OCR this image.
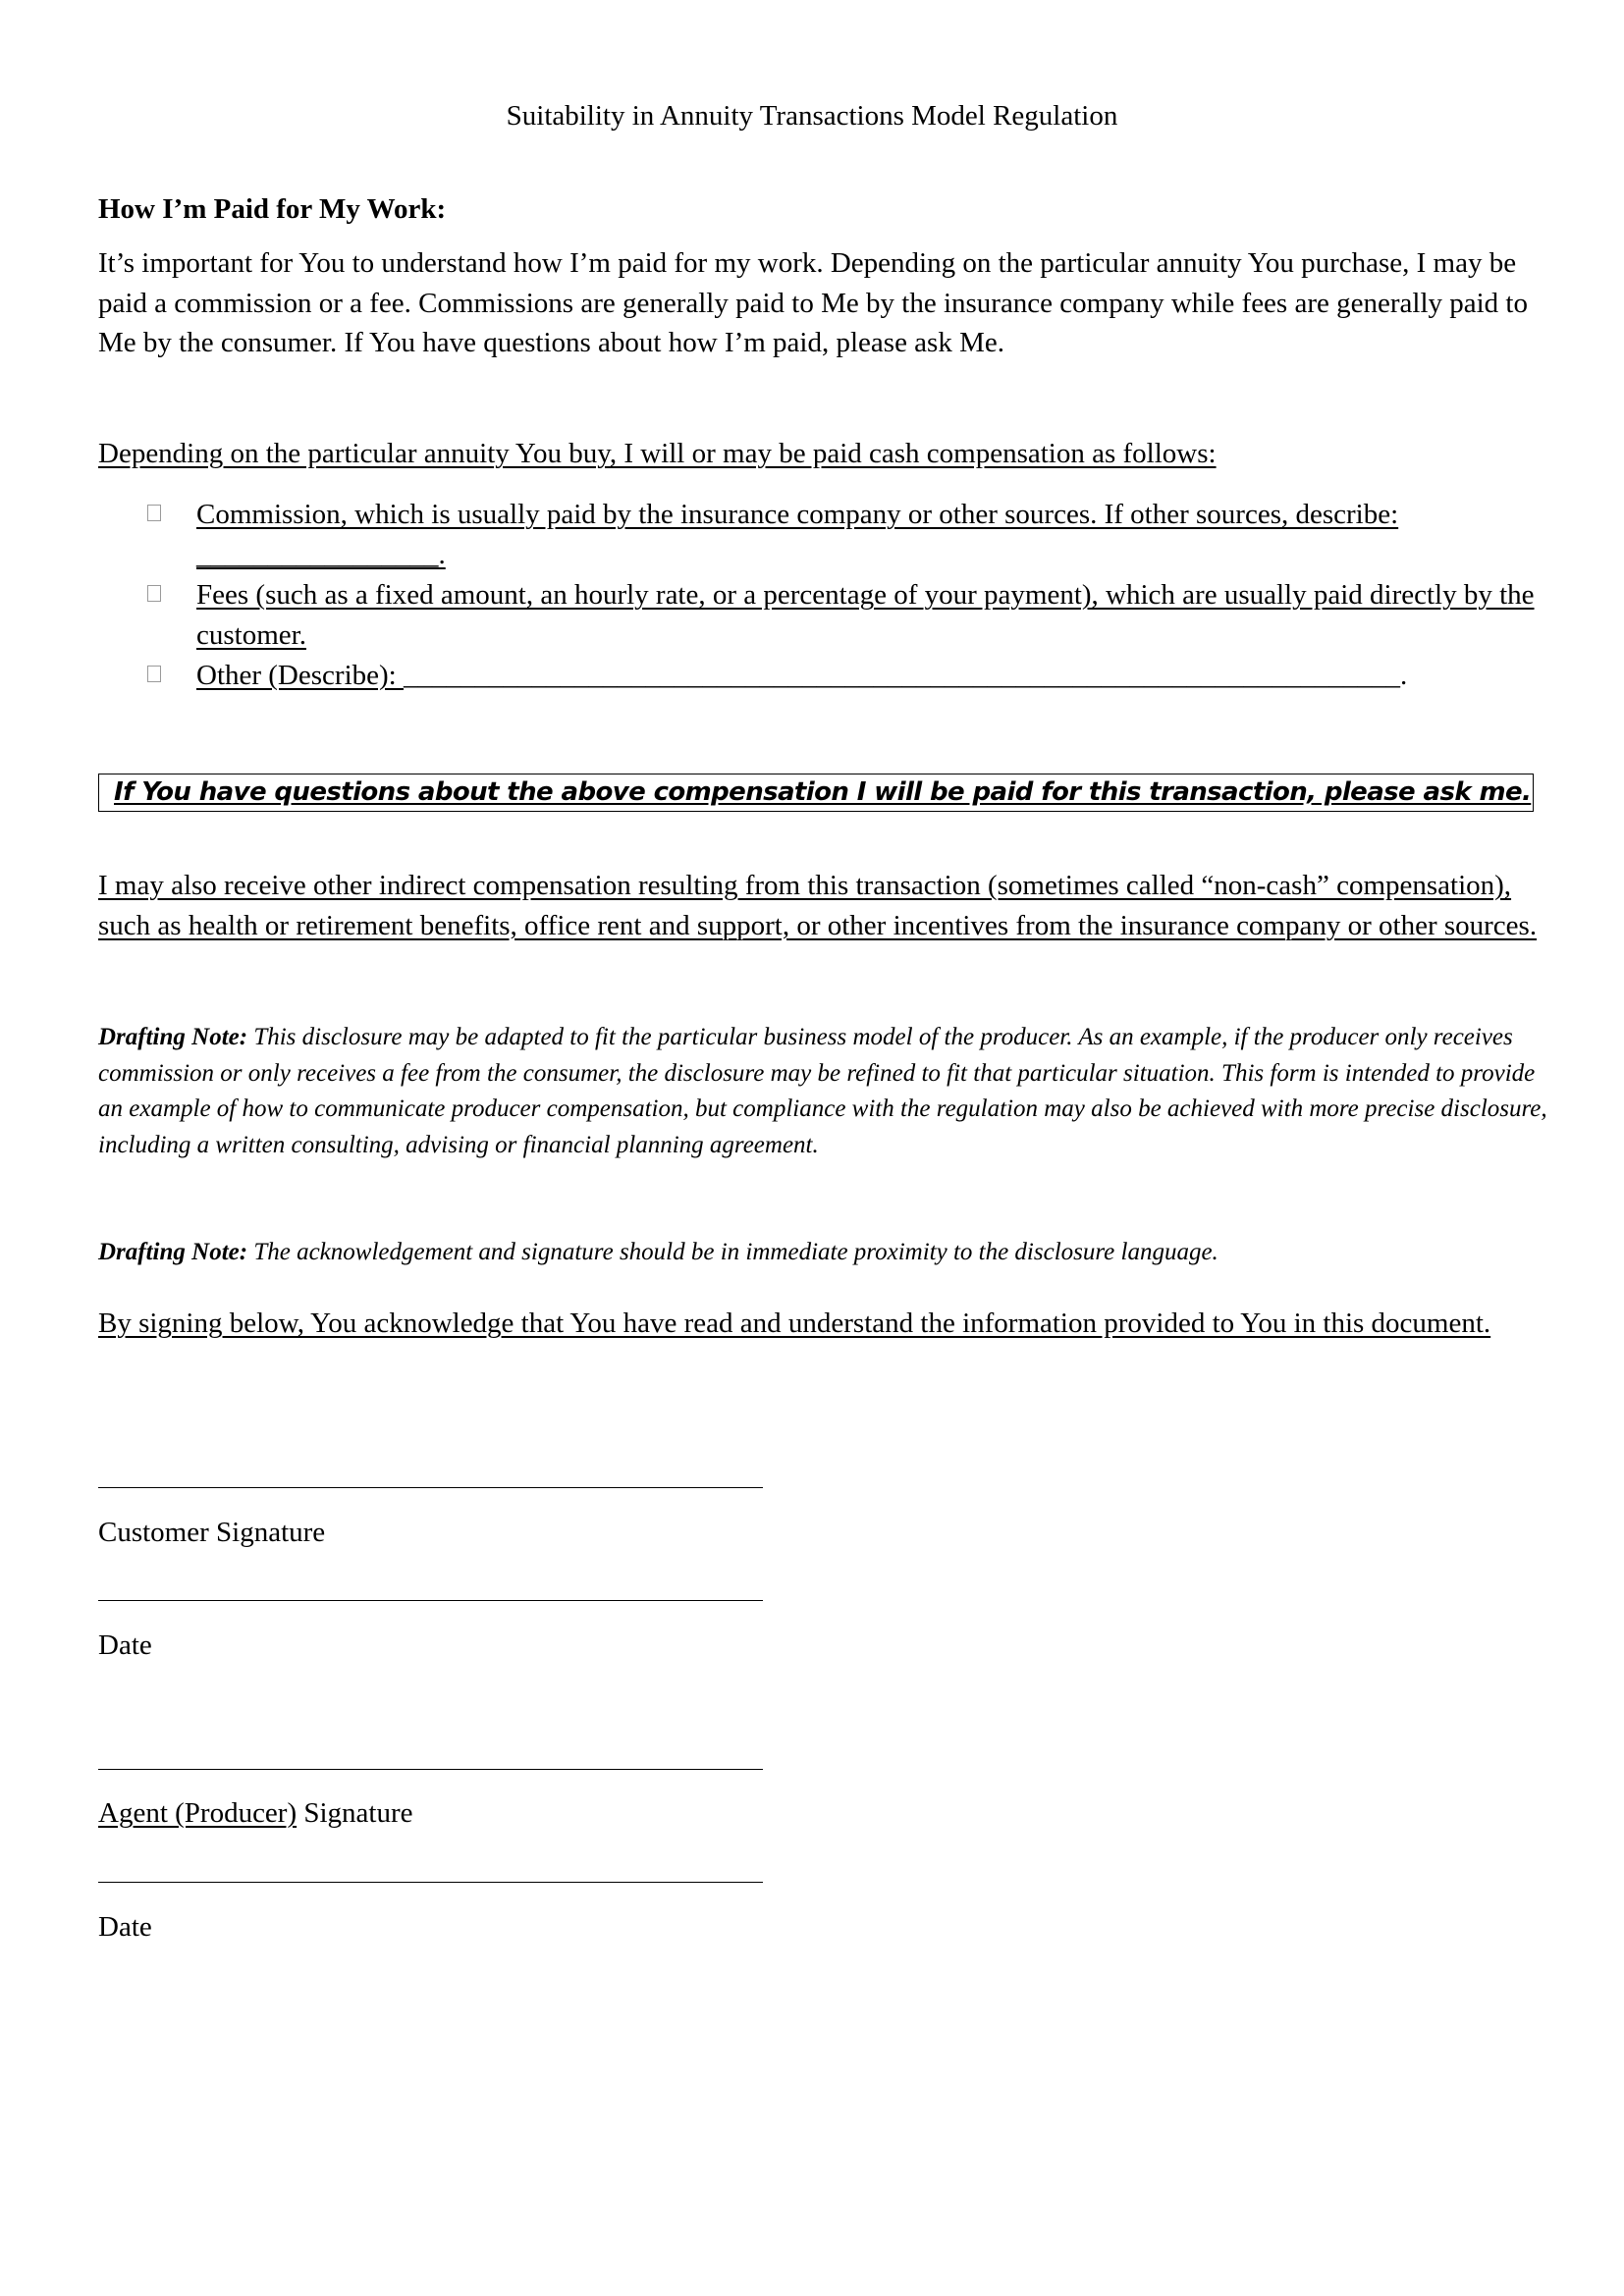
Suitability in Annuity Transactions Model Regulation
How I’m Paid for My Work:
It’s important for You to understand how I’m paid for my work. Depending on the particular annuity You purchase, I may be paid a commission or a fee. Commissions are generally paid to Me by the insurance company while fees are generally paid to Me by the consumer. If You have questions about how I’m paid, please ask Me.
Depending on the particular annuity You buy, I will or may be paid cash compensation as follows:
Commission, which is usually paid by the insurance company or other sources. If other sources, describe:
_________________.
Fees (such as a fixed amount, an hourly rate, or a percentage of your payment), which are usually paid directly by the customer.
Other (Describe): ______________________________________________________________________.
If You have questions about the above compensation I will be paid for this transaction, please ask me.
I may also receive other indirect compensation resulting from this transaction (sometimes called “non-cash” compensation), such as health or retirement benefits, office rent and support, or other incentives from the insurance company or other sources.
Drafting Note: This disclosure may be adapted to fit the particular business model of the producer. As an example, if the producer only receives commission or only receives a fee from the consumer, the disclosure may be refined to fit that particular situation. This form is intended to provide an example of how to communicate producer compensation, but compliance with the regulation may also be achieved with more precise disclosure, including a written consulting, advising or financial planning agreement.
Drafting Note: The acknowledgement and signature should be in immediate proximity to the disclosure language.
By signing below, You acknowledge that You have read and understand the information provided to You in this document.
Customer Signature
Date
Agent (Producer) Signature
Date
